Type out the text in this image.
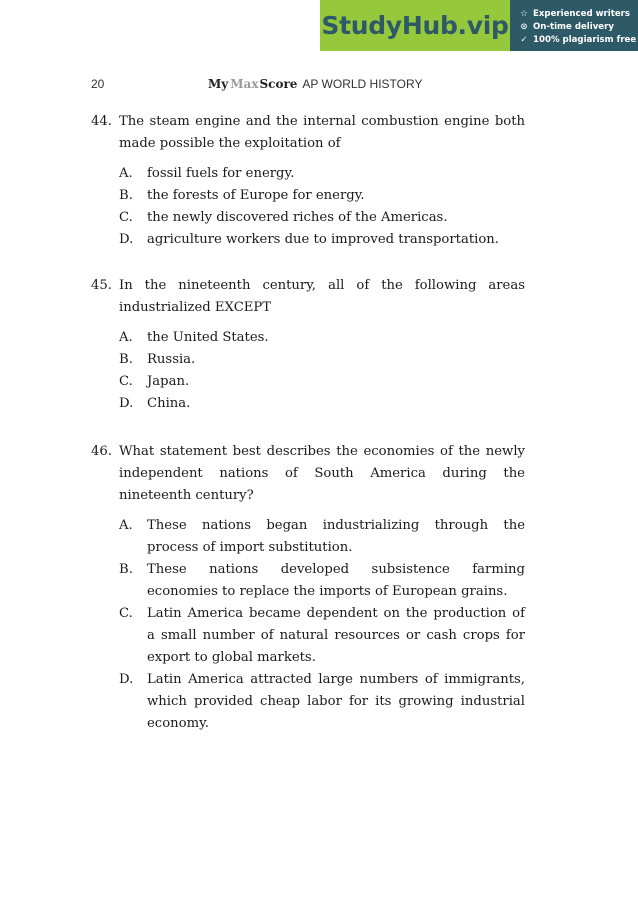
StudyHub.vip ☆ Experienced writers
⊙ On-time delivery
✓ 100% plagiarism free
20	My Max Score AP WORLD HISTORY
44. The steam engine and the internal combustion engine both made possible the exploitation of
A.	fossil fuels for energy.
B.	the forests of Europe for energy.
C.	the newly discovered riches of the Americas.
D.	agriculture workers due to improved transportation.
45. In the nineteenth century, all of the following areas industrialized EXCEPT
A.	the United States.
B.	Russia.
C.	Japan.
D.	China.
46. What statement best describes the economies of the newly independent nations of South America during the nineteenth century?
A.	These nations began industrializing through the process of import substitution.
B.	These nations developed subsistence farming economies to replace the imports of European grains.
C.	Latin America became dependent on the production of a small number of natural resources or cash crops for export to global markets.
D.	Latin America attracted large numbers of immigrants, which provided cheap labor for its growing industrial economy.
